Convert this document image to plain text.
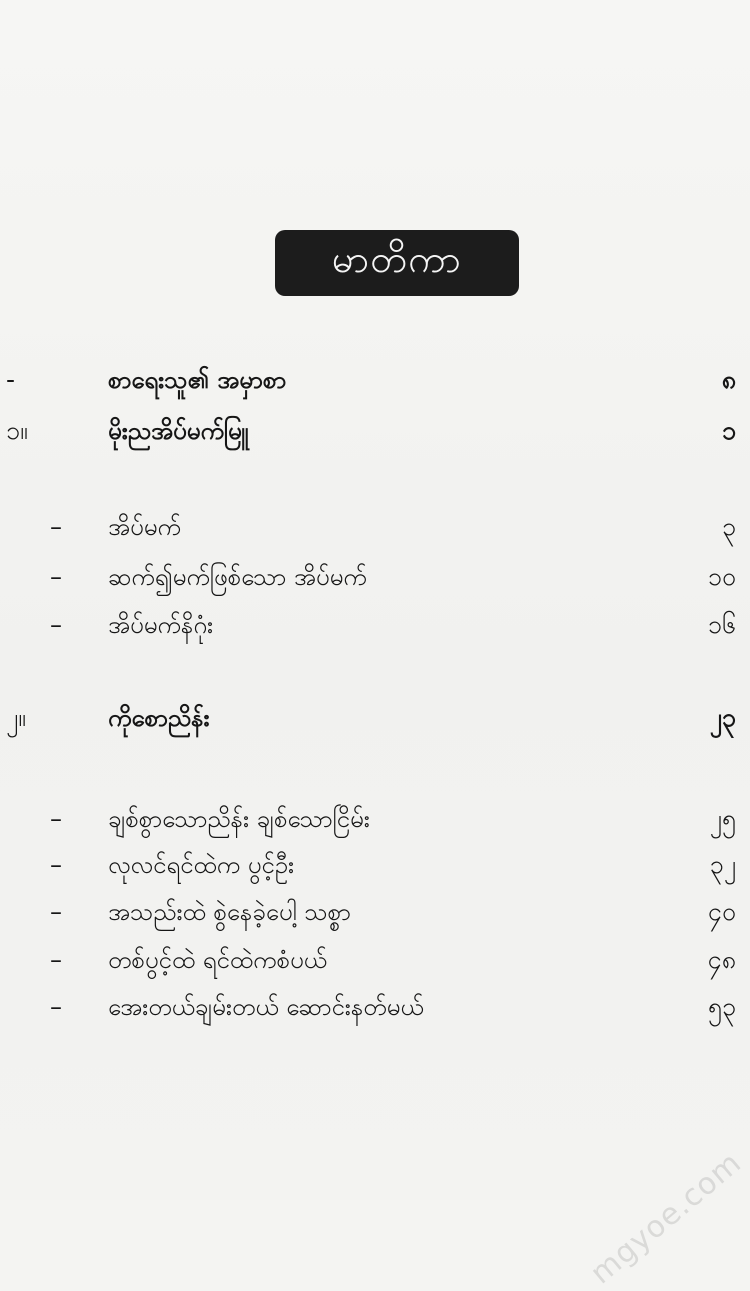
မာတိကာ
-	စာရေးသူ၏ အမှာစာ	၈
၁။	မိုးညအိပ်မက်မြူ	၁
– အိပ်မက်	၃
– ဆက်၍မက်ဖြစ်သော အိပ်မက်	၁၀
– အိပ်မက်နိဂုံး	၁၆
၂။	ကိုစောညိန်း	၂၃
– ချစ်စွာသောညိန်း ချစ်သောငြိမ်း	၂၅
– လုလင်ရင်ထဲက ပွင့်ဦး	၃၂
– အသည်းထဲ စွဲနေခဲ့ပေါ့ သစ္စာ	၄၀
– တစ်ပွင့်ထဲ ရင်ထဲကစံပယ်	၄၈
– အေးတယ်ချမ်းတယ် ဆောင်းနတ်မယ်	၅၃
mgyoe.com
